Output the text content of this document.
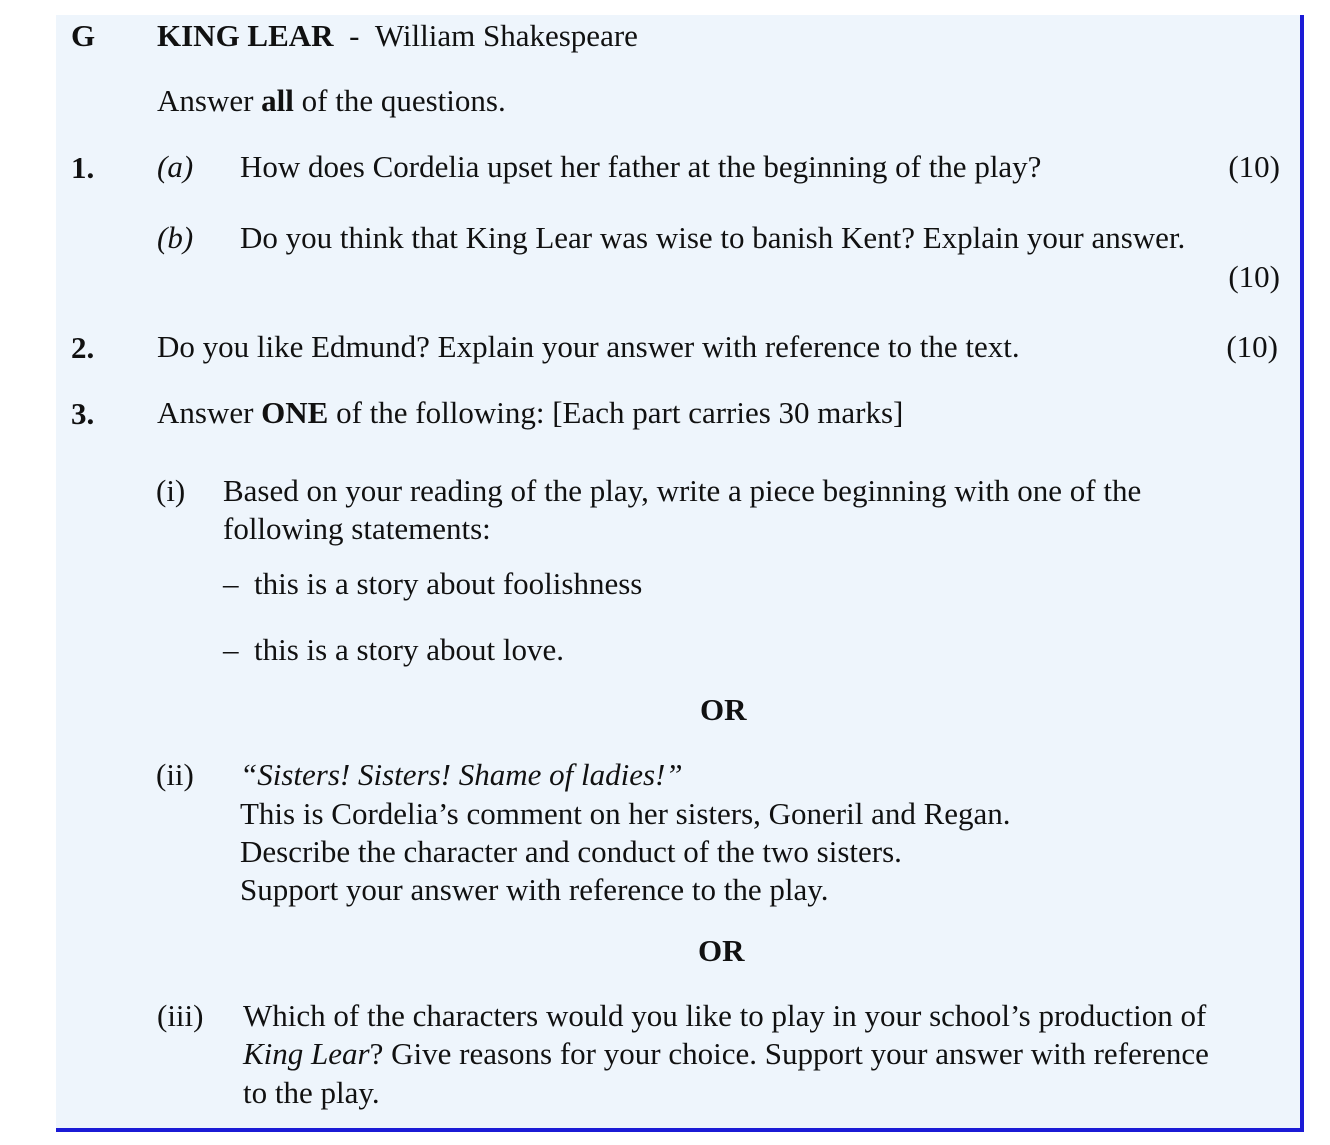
G KING LEAR - William Shakespeare
Answer all of the questions.
1. (a) How does Cordelia upset her father at the beginning of the play?	(10)
(b) Do you think that King Lear was wise to banish Kent? Explain your answer.
(10)
2. Do you like Edmund? Explain your answer with reference to the text.	(10)
3. Answer ONE of the following: [Each part carries 30 marks]
(i) Based on your reading of the play, write a piece beginning with one of the
following statements:
– this is a story about foolishness
– this is a story about love.
OR
(ii) “Sisters! Sisters! Shame of ladies!”
This is Cordelia’s comment on her sisters, Goneril and Regan.
Describe the character and conduct of the two sisters.
Support your answer with reference to the play.
OR
(iii) Which of the characters would you like to play in your school’s production of
King Lear? Give reasons for your choice. Support your answer with reference
to the play.
